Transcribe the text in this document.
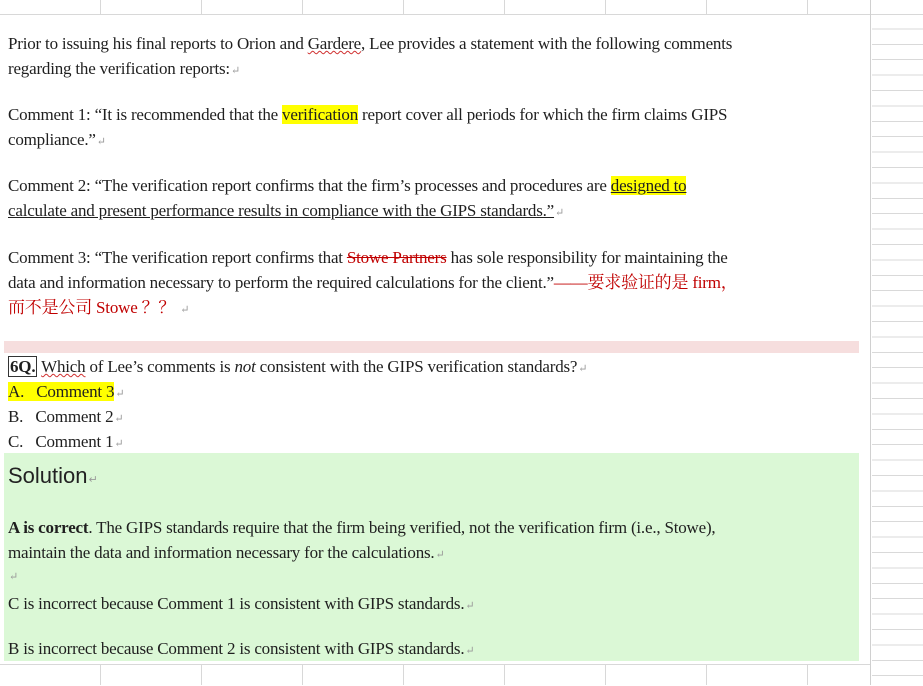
Prior to issuing his final reports to Orion and Gardere, Lee provides a statement with the following comments
regarding the verification reports:↵
Comment 1: “It is recommended that the verification report cover all periods for which the firm claims GIPS
compliance.”↵
Comment 2: “The verification report confirms that the firm’s processes and procedures are designed to
calculate and present performance results in compliance with the GIPS standards.”↵
Comment 3: “The verification report confirms that Stowe Partners has sole responsibility for maintaining the
data and information necessary to perform the required calculations for the client.”——要求验证的是 firm，
而不是公司 Stowe ？？ ↵
6Q. Which of Lee’s comments is not consistent with the GIPS verification standards?↵
A. Comment 3↵
B. Comment 2↵
C. Comment 1↵
Solution↵
A is correct. The GIPS standards require that the firm being verified, not the verification firm (i.e., Stowe),
maintain the data and information necessary for the calculations.↵
↵
C is incorrect because Comment 1 is consistent with GIPS standards.↵
B is incorrect because Comment 2 is consistent with GIPS standards.↵
